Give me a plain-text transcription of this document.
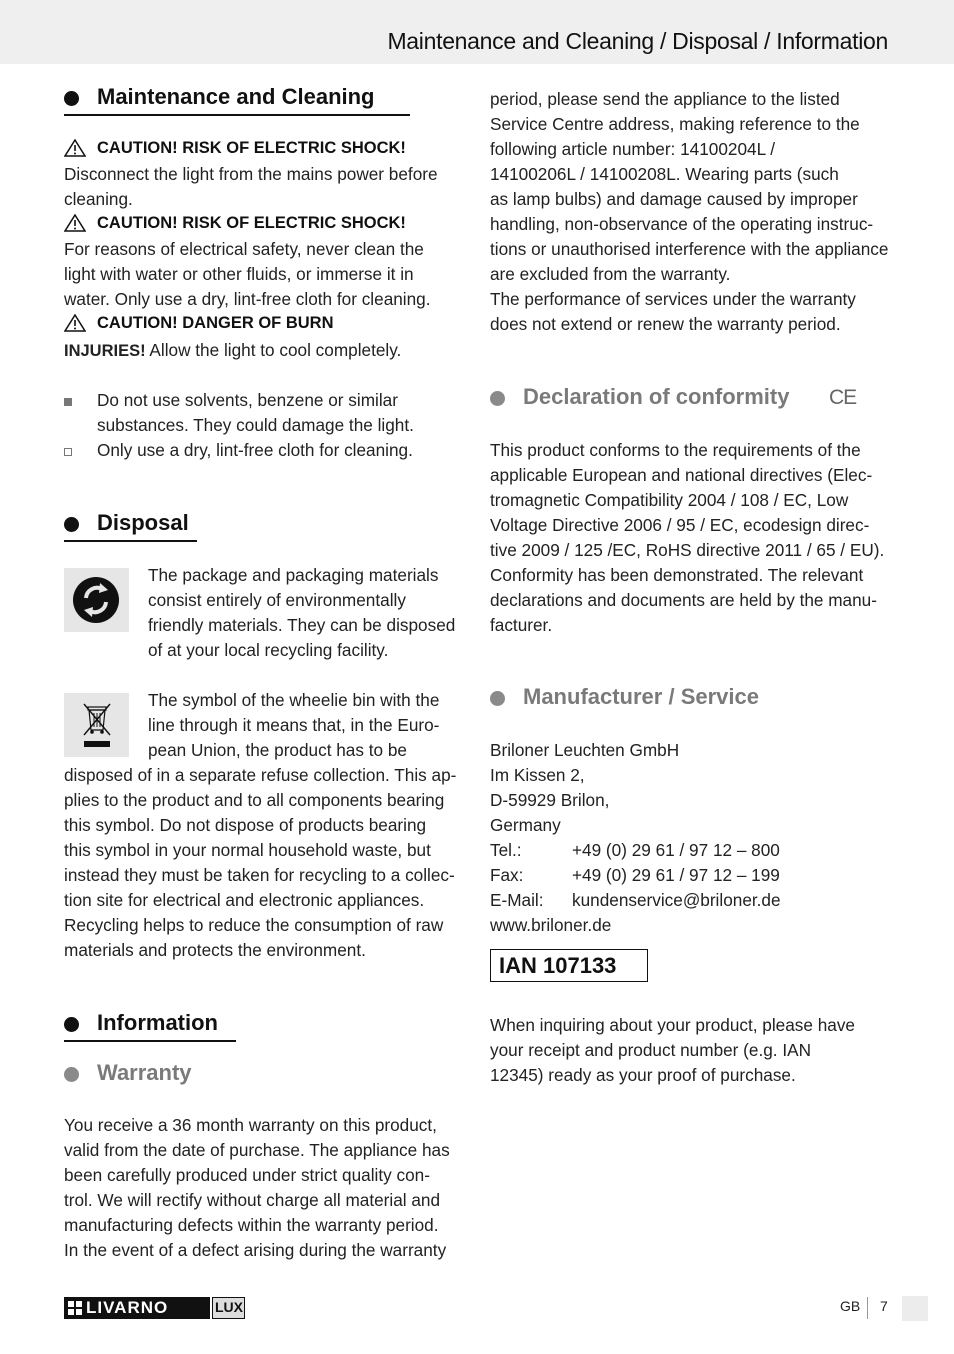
Maintenance and Cleaning / Disposal / Information
Maintenance and Cleaning
CAUTION! RISK OF ELECTRIC SHOCK!
Disconnect the light from the mains power before
cleaning.
CAUTION! RISK OF ELECTRIC SHOCK!
For reasons of electrical safety, never clean the
light with water or other fluids, or immerse it in
water. Only use a dry, lint-free cloth for cleaning.
CAUTION! DANGER OF BURN
INJURIES! Allow the light to cool completely.
Do not use solvents, benzene or similar
substances. They could damage the light.
Only use a dry, lint-free cloth for cleaning.
Disposal
The package and packaging materials
consist entirely of environmentally
friendly materials. They can be disposed
of at your local recycling facility.
The symbol of the wheelie bin with the
line through it means that, in the Euro-
pean Union, the product has to be
disposed of in a separate refuse collection. This ap-
plies to the product and to all components bearing
this symbol. Do not dispose of products bearing
this symbol in your normal household waste, but
instead they must be taken for recycling to a collec-
tion site for electrical and electronic appliances.
Recycling helps to reduce the consumption of raw
materials and protects the environment.
Information
Warranty
You receive a 36 month warranty on this product,
valid from the date of purchase. The appliance has
been carefully produced under strict quality con-
trol. We will rectify without charge all material and
manufacturing defects within the warranty period.
In the event of a defect arising during the warranty
period, please send the appliance to the listed
Service Centre address, making reference to the
following article number: 14100204L /
14100206L / 14100208L. Wearing parts (such
as lamp bulbs) and damage caused by improper
handling, non-observance of the operating instruc-
tions or unauthorised interference with the appliance
are excluded from the warranty.
The performance of services under the warranty
does not extend or renew the warranty period.
Declaration of conformity CE
This product conforms to the requirements of the
applicable European and national directives (Elec-
tromagnetic Compatibility 2004 / 108 / EC, Low
Voltage Directive 2006 / 95 / EC, ecodesign direc-
tive 2009 / 125 /EC, RoHS directive 2011 / 65 / EU).
Conformity has been demonstrated. The relevant
declarations and documents are held by the manu-
facturer.
Manufacturer / Service
Briloner Leuchten GmbH
Im Kissen 2,
D-59929 Brilon,
Germany
Tel.:	+49 (0) 29 61 / 97 12 – 800
Fax:	+49 (0) 29 61 / 97 12 – 199
E-Mail: kundenservice@briloner.de
www.briloner.de
IAN 107133
When inquiring about your product, please have
your receipt and product number (e.g. IAN
12345) ready as your proof of purchase.
LIVARNO	LUX	GB 7
